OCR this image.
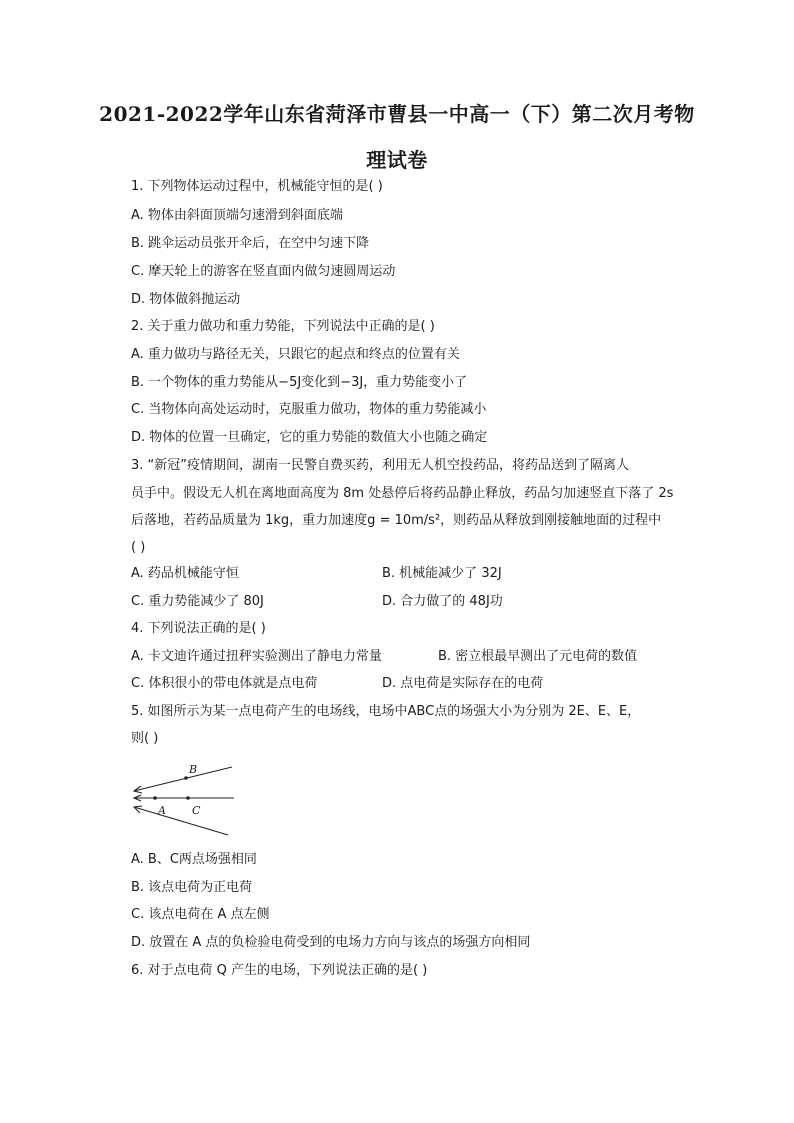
2021-2022学年山东省菏泽市曹县一中高一（下）第二次月考物
理试卷
1. 下列物体运动过程中，机械能守恒的是( )
A. 物体由斜面顶端匀速滑到斜面底端
B. 跳伞运动员张开伞后，在空中匀速下降
C. 摩天轮上的游客在竖直面内做匀速圆周运动
D. 物体做斜抛运动
2. 关于重力做功和重力势能，下列说法中正确的是( )
A. 重力做功与路径无关，只跟它的起点和终点的位置有关
B. 一个物体的重力势能从−5J变化到−3J，重力势能变小了
C. 当物体向高处运动时，克服重力做功，物体的重力势能减小
D. 物体的位置一旦确定，它的重力势能的数值大小也随之确定
3. “新冠”疫情期间，湖南一民警自费买药，利用无人机空投药品，将药品送到了隔离人
员手中。假设无人机在离地面高度为 8m 处悬停后将药品静止释放，药品匀加速竖直下落了 2s
后落地，若药品质量为 1kg，重力加速度g = 10m/s²，则药品从释放到刚接触地面的过程中
( )
A. 药品机械能守恒	B. 机械能减少了 32J
C. 重力势能减少了 80J	D. 合力做了的 48J功
4. 下列说法正确的是( )
A. 卡文迪许通过扭秤实验测出了静电力常量	B. 密立根最早测出了元电荷的数值
C. 体积很小的带电体就是点电荷	D. 点电荷是实际存在的电荷
5. 如图所示为某一点电荷产生的电场线，电场中ABC点的场强大小为分别为 2E、E、E，
则( )
B
A C
A. B、C两点场强相同
B. 该点电荷为正电荷
C. 该点电荷在 A 点左侧
D. 放置在 A 点的负检验电荷受到的电场力方向与该点的场强方向相同
6. 对于点电荷 Q 产生的电场，下列说法正确的是( )
